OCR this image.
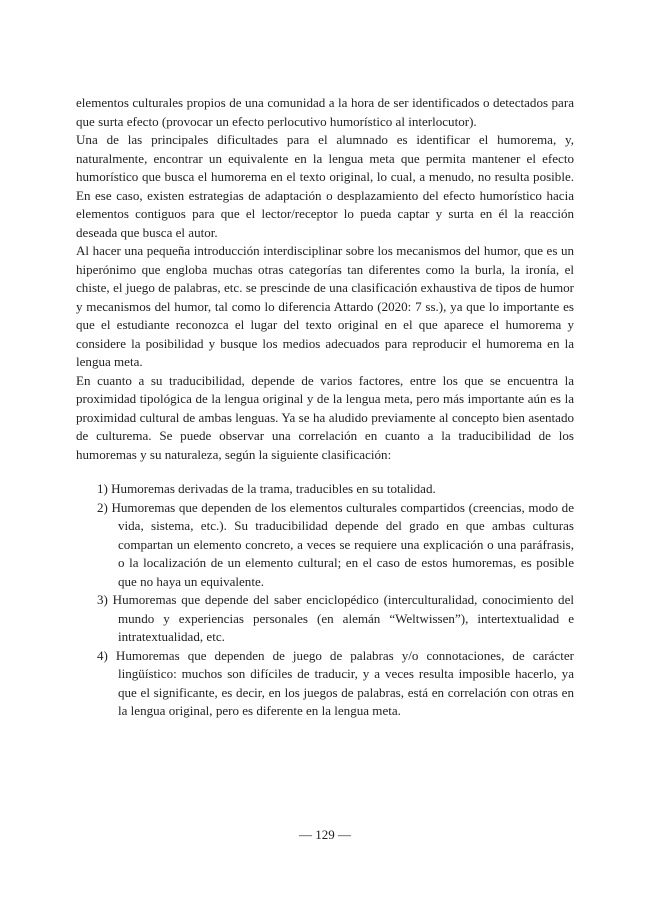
elementos culturales propios de una comunidad a la hora de ser identificados o detectados para que surta efecto (provocar un efecto perlocutivo humorístico al interlocutor).

Una de las principales dificultades para el alumnado es identificar el humorema, y, naturalmente, encontrar un equivalente en la lengua meta que permita mantener el efecto humorístico que busca el humorema en el texto original, lo cual, a menudo, no resulta posible. En ese caso, existen estrategias de adaptación o desplazamiento del efecto humorístico hacia elementos contiguos para que el lector/receptor lo pueda captar y surta en él la reacción deseada que busca el autor.

Al hacer una pequeña introducción interdisciplinar sobre los mecanismos del humor, que es un hiperónimo que engloba muchas otras categorías tan diferentes como la burla, la ironía, el chiste, el juego de palabras, etc. se prescinde de una clasificación exhaustiva de tipos de humor y mecanismos del humor, tal como lo diferencia Attardo (2020: 7 ss.), ya que lo importante es que el estudiante reconozca el lugar del texto original en el que aparece el humorema y considere la posibilidad y busque los medios adecuados para reproducir el humorema en la lengua meta.

En cuanto a su traducibilidad, depende de varios factores, entre los que se encuentra la proximidad tipológica de la lengua original y de la lengua meta, pero más importante aún es la proximidad cultural de ambas lenguas. Ya se ha aludido previamente al concepto bien asentado de culturema. Se puede observar una correlación en cuanto a la traducibilidad de los humoremas y su naturaleza, según la siguiente clasificación:

1) Humoremas derivadas de la trama, traducibles en su totalidad.
2) Humoremas que dependen de los elementos culturales compartidos (creencias, modo de vida, sistema, etc.). Su traducibilidad depende del grado en que ambas culturas compartan un elemento concreto, a veces se requiere una explicación o una paráfrasis, o la localización de un elemento cultural; en el caso de estos humoremas, es posible que no haya un equivalente.
3) Humoremas que depende del saber enciclopédico (interculturalidad, conocimiento del mundo y experiencias personales (en alemán “Weltwissen”), intertextualidad e intratextualidad, etc.
4) Humoremas que dependen de juego de palabras y/o connotaciones, de carácter lingüístico: muchos son difíciles de traducir, y a veces resulta imposible hacerlo, ya que el significante, es decir, en los juegos de palabras, está en correlación con otras en la lengua original, pero es diferente en la lengua meta.
— 129 —
